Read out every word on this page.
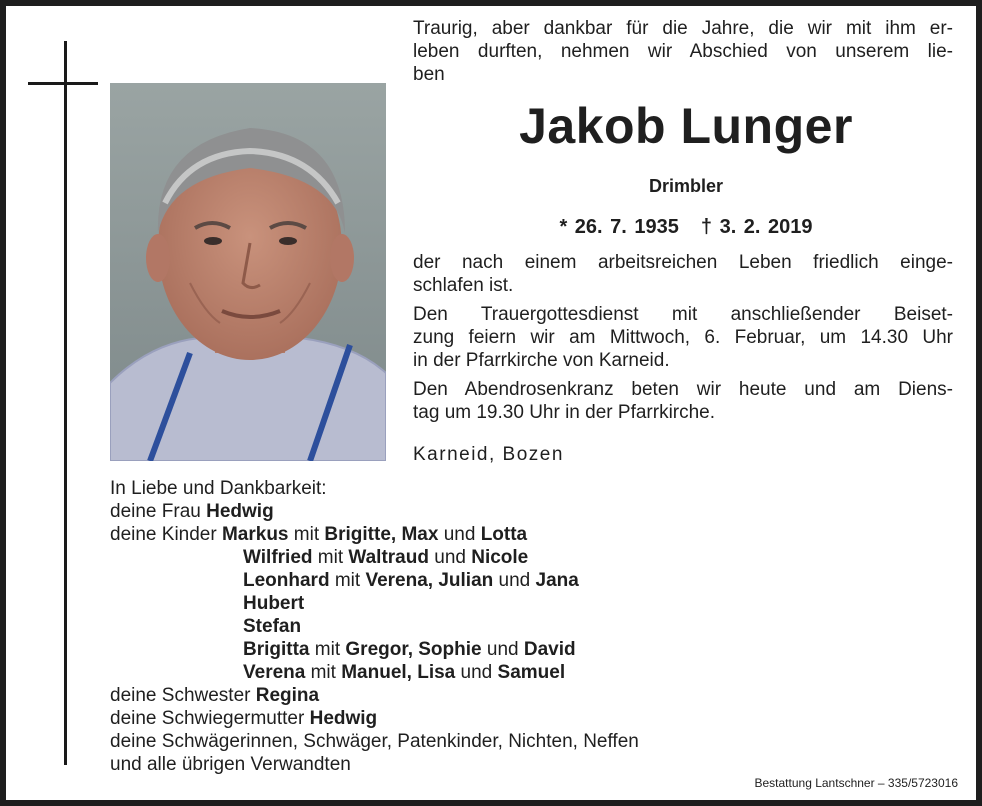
Traurig, aber dankbar für die Jahre, die wir mit ihm er-
leben durften, nehmen wir Abschied von unserem lie-
ben
Jakob Lunger
Drimbler
* 26. 7. 1935 † 3. 2. 2019

der nach einem arbeitsreichen Leben friedlich einge-
schlafen ist.

Den Trauergottesdienst mit anschließender Beiset-
zung feiern wir am Mittwoch, 6. Februar, um 14.30 Uhr
in der Pfarrkirche von Karneid.

Den Abendrosenkranz beten wir heute und am Diens-
tag um 19.30 Uhr in der Pfarrkirche.

Karneid, Bozen
In Liebe und Dankbarkeit:
deine Frau Hedwig
deine Kinder Markus mit Brigitte, Max und Lotta
Wilfried mit Waltraud und Nicole
Leonhard mit Verena, Julian und Jana
Hubert
Stefan
Brigitta mit Gregor, Sophie und David
Verena mit Manuel, Lisa und Samuel
deine Schwester Regina
deine Schwiegermutter Hedwig
deine Schwägerinnen, Schwäger, Patenkinder, Nichten, Neffen
und alle übrigen Verwandten
Bestattung Lantschner – 335/5723016
